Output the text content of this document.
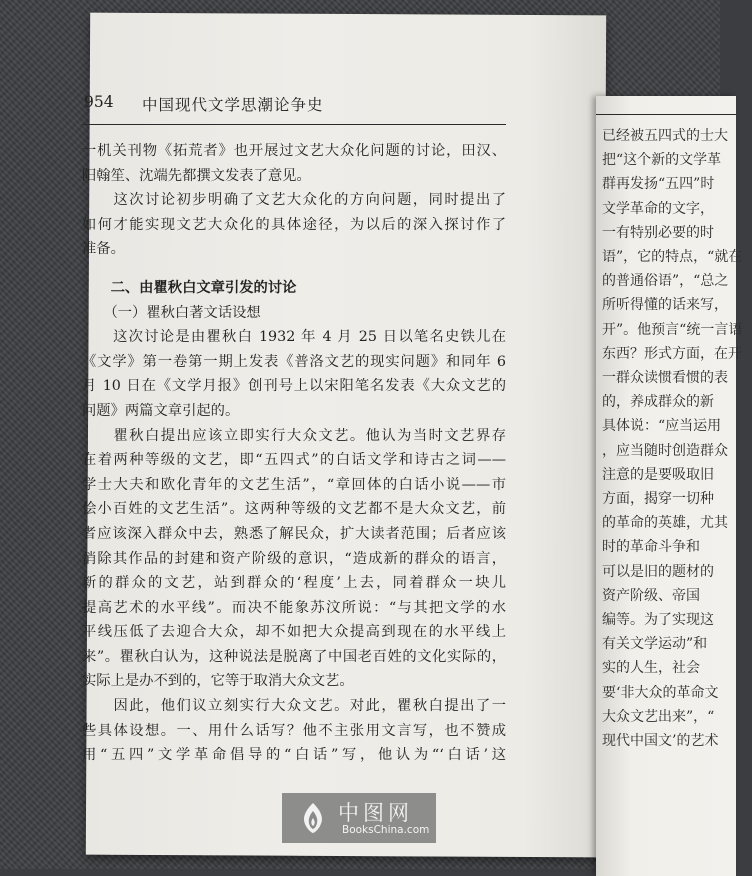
已经被五四式的士大
把“这个新的文学革
群再发扬“五四”时
文学革命的文字，
一有特别必要的时
语”，它的特点，“就在
的普通俗语”，“总之
所听得懂的话来写，
开”。他预言“统一言语
东西？形式方面，在开
一群众读惯看惯的表
的，养成群众的新
具体说：“应当运用
，应当随时创造群众
注意的是要吸取旧
方面，揭穿一切种
的革命的英雄，尤其
时的革命斗争和
可以是旧的题材的
资产阶级、帝国
编等。为了实现这
有关文学运动”和
实的人生，社会
要‘非大众的革命文
大众文艺出来”，“
现代中国文’的艺术
954 中国现代文学思潮论争史

一机关刊物《拓荒者》也开展过文艺大众化问题的讨论，田汉、

阳翰笙、沈端先都撰文发表了意见。

　　这次讨论初步明确了文艺大众化的方向问题，同时提出了

如何才能实现文艺大众化的具体途径，为以后的深入探讨作了

准备。

　　二、由瞿秋白文章引发的讨论

　　（一）瞿秋白著文话设想

　　这次讨论是由瞿秋白 1932 年 4 月 25 日以笔名史铁儿在

《文学》第一卷第一期上发表《普洛文艺的现实问题》和同年 6

月 10 日在《文学月报》创刊号上以宋阳笔名发表《大众文艺的

问题》两篇文章引起的。

　　瞿秋白提出应该立即实行大众文艺。他认为当时文艺界存

在着两种等级的文艺，即“五四式”的白话文学和诗古之词——

学士大夫和欧化青年的文艺生活”，“章回体的白话小说——市

侩小百姓的文艺生活”。这两种等级的文艺都不是大众文艺，前

者应该深入群众中去，熟悉了解民众，扩大读者范围；后者应该

消除其作品的封建和资产阶级的意识，“造成新的群众的语言，

新的群众的文艺，站到群众的‘程度’上去，同着群众一块儿

提高艺术的水平线”。而决不能象苏汶所说：“与其把文学的水

平线压低了去迎合大众，却不如把大众提高到现在的水平线上

来”。瞿秋白认为，这种说法是脱离了中国老百姓的文化实际的，

实际上是办不到的，它等于取消大众文艺。

　　因此，他们议立刻实行大众文艺。对此，瞿秋白提出了一

些具体设想。一、用什么话写？他不主张用文言写，也不赞成

用“五四”文学革命倡导的“白话”写，他认为“‘白话’这

中图网
BooksChina.com
